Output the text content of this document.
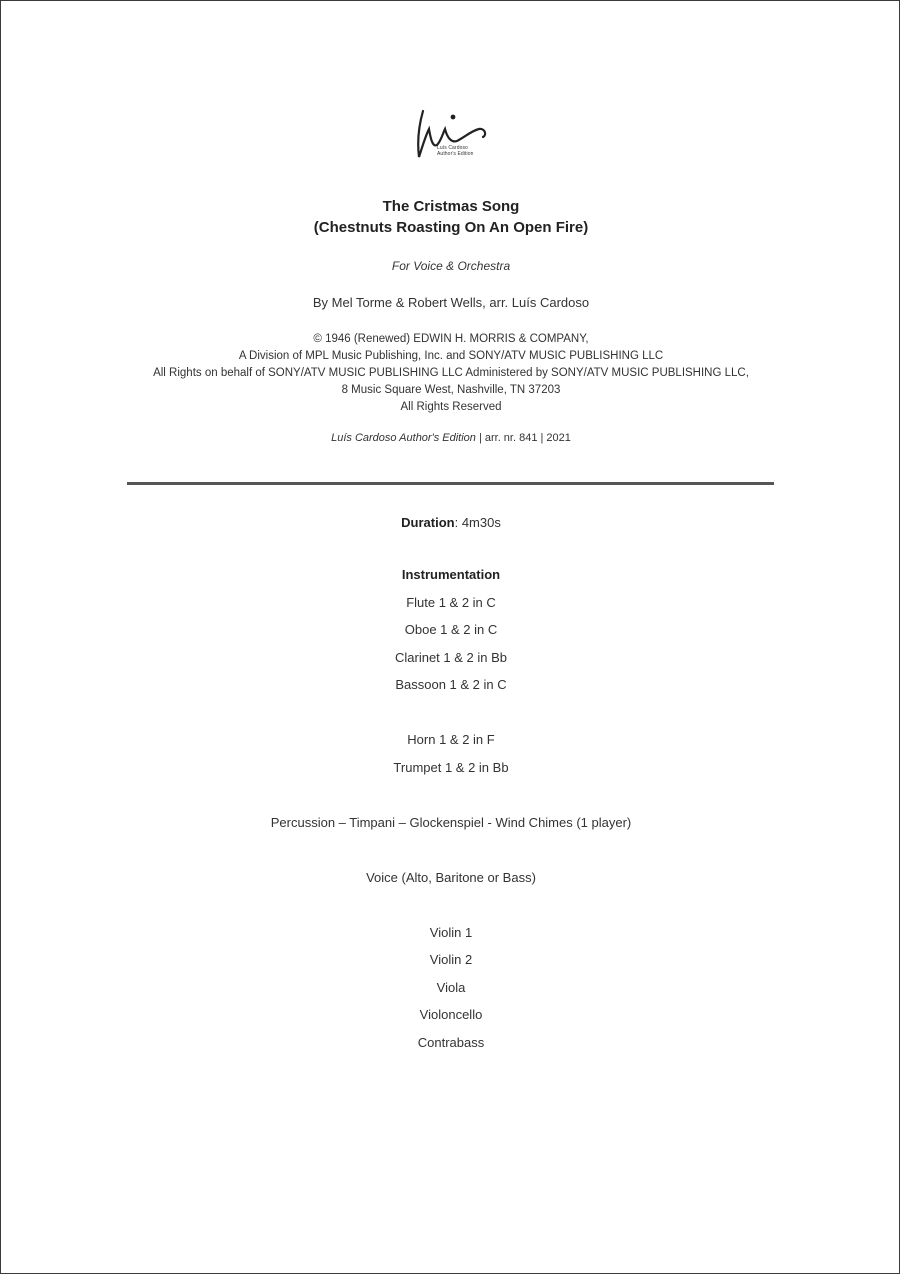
Luís Cardoso
Author's Edition
The Cristmas Song
(Chestnuts Roasting On An Open Fire)
For Voice & Orchestra
By Mel Torme & Robert Wells, arr. Luís Cardoso
© 1946 (Renewed) EDWIN H. MORRIS & COMPANY,
A Division of MPL Music Publishing, Inc. and SONY/ATV MUSIC PUBLISHING LLC
All Rights on behalf of SONY/ATV MUSIC PUBLISHING LLC Administered by SONY/ATV MUSIC PUBLISHING LLC,
8 Music Square West, Nashville, TN 37203
All Rights Reserved
Luís Cardoso Author's Edition | arr. nr. 841 | 2021
Duration: 4m30s
Instrumentation
Flute 1 & 2 in C
Oboe 1 & 2 in C
Clarinet 1 & 2 in Bb
Bassoon 1 & 2 in C
Horn 1 & 2 in F
Trumpet 1 & 2 in Bb
Percussion – Timpani – Glockenspiel - Wind Chimes (1 player)
Voice (Alto, Baritone or Bass)
Violin 1
Violin 2
Viola
Violoncello
Contrabass
